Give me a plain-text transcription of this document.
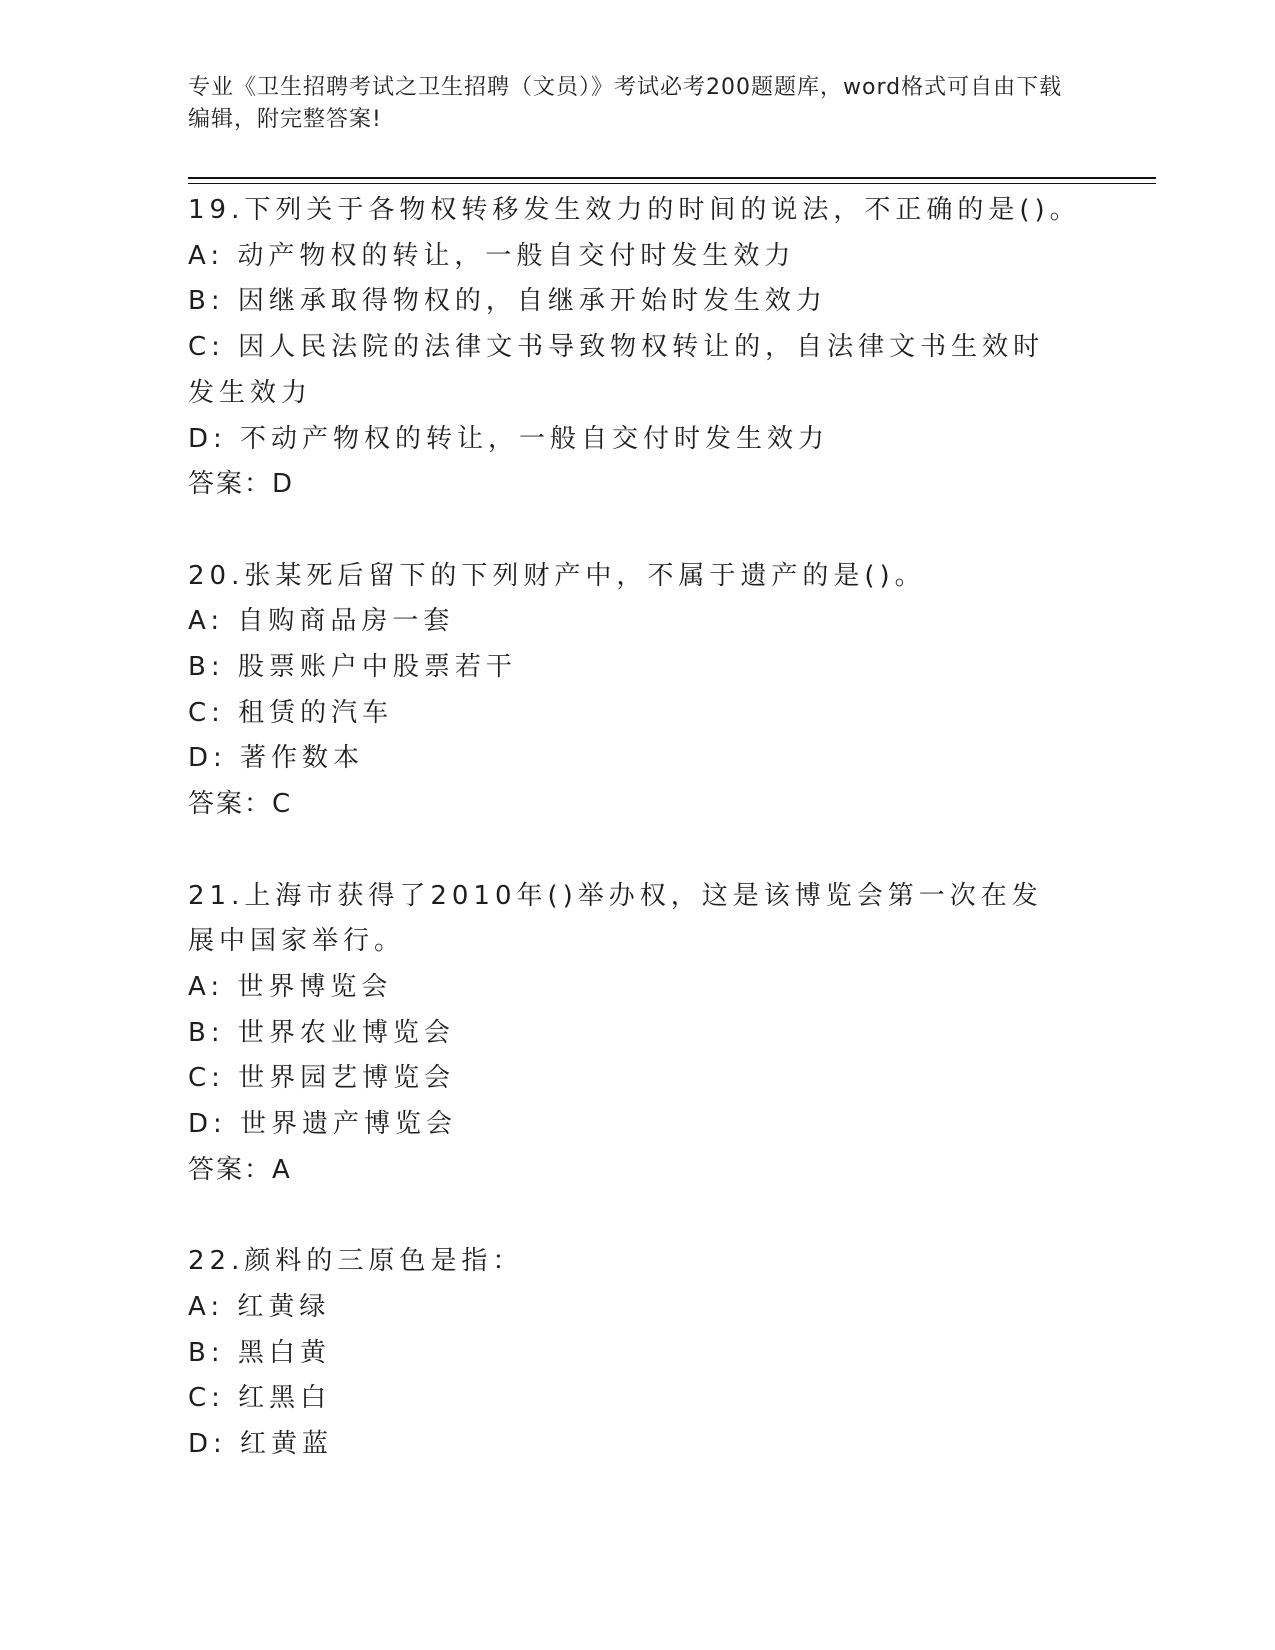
专业《卫生招聘考试之卫生招聘（文员）》考试必考200题题库，word格式可自由下载编辑，附完整答案!
19.下列关于各物权转移发生效力的时间的说法，不正确的是()。
A: 动产物权的转让，一般自交付时发生效力
B: 因继承取得物权的，自继承开始时发生效力
C: 因人民法院的法律文书导致物权转让的，自法律文书生效时发生效力
D: 不动产物权的转让，一般自交付时发生效力
答案：D
20.张某死后留下的下列财产中，不属于遗产的是()。
A: 自购商品房一套
B: 股票账户中股票若干
C: 租赁的汽车
D: 著作数本
答案：C
21.上海市获得了2010年()举办权，这是该博览会第一次在发展中国家举行。
A: 世界博览会
B: 世界农业博览会
C: 世界园艺博览会
D: 世界遗产博览会
答案：A
22.颜料的三原色是指：
A: 红黄绿
B: 黑白黄
C: 红黑白
D: 红黄蓝
